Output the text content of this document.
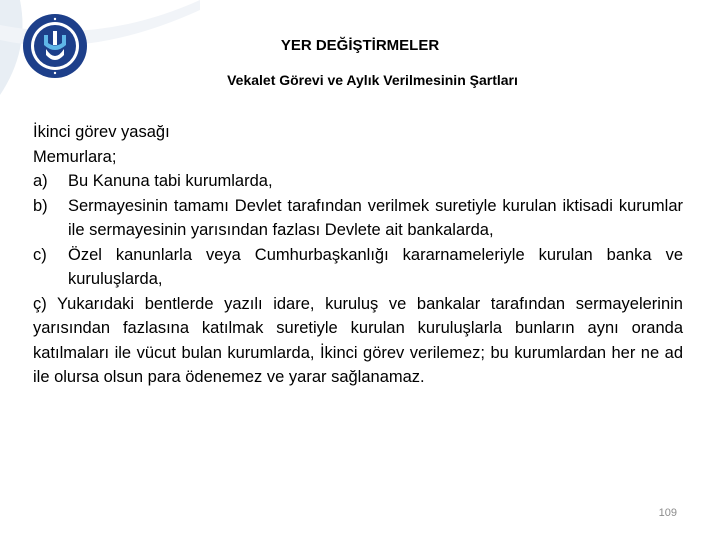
YER DEĞİŞTİRMELER
Vekalet Görevi ve Aylık Verilmesinin Şartları

İkinci görev yasağı

Memurlara;

a)	Bu Kanuna tabi kurumlarda,
b)	Sermayesinin tamamı Devlet tarafından verilmek suretiyle kurulan iktisadi kurumlar ile sermayesinin yarısından fazlası Devlete ait bankalarda,
c)	Özel kanunlarla veya Cumhurbaşkanlığı kararnameleriyle kurulan banka ve kuruluşlarda,

ç) Yukarıdaki bentlerde yazılı idare, kuruluş ve bankalar tarafından sermayelerinin yarısından fazlasına katılmak suretiyle kurulan kuruluşlarla bunların aynı oranda katılmaları ile vücut bulan kurumlarda, İkinci görev verilemez; bu kurumlardan her ne ad ile olursa olsun para ödenemez ve yarar sağlanamaz.

109
